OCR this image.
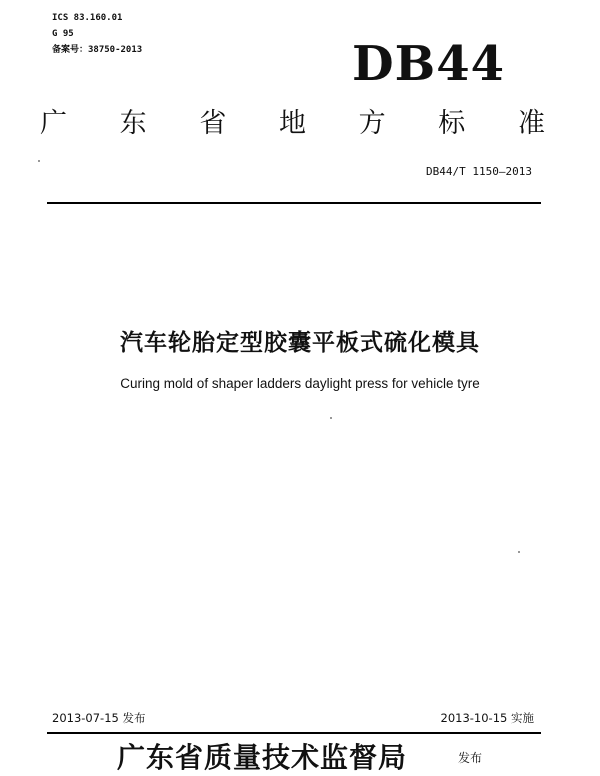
ICS 83.160.01
G 95
备案号：38750-2013	DB44
广 东 省 地 方 标 准
DB44/T 1150—2013
汽车轮胎定型胶囊平板式硫化模具
Curing mold of shaper ladders daylight press for vehicle tyre
2013-07-15 发布	2013-10-15 实施
广东省质量技术监督局	发布
